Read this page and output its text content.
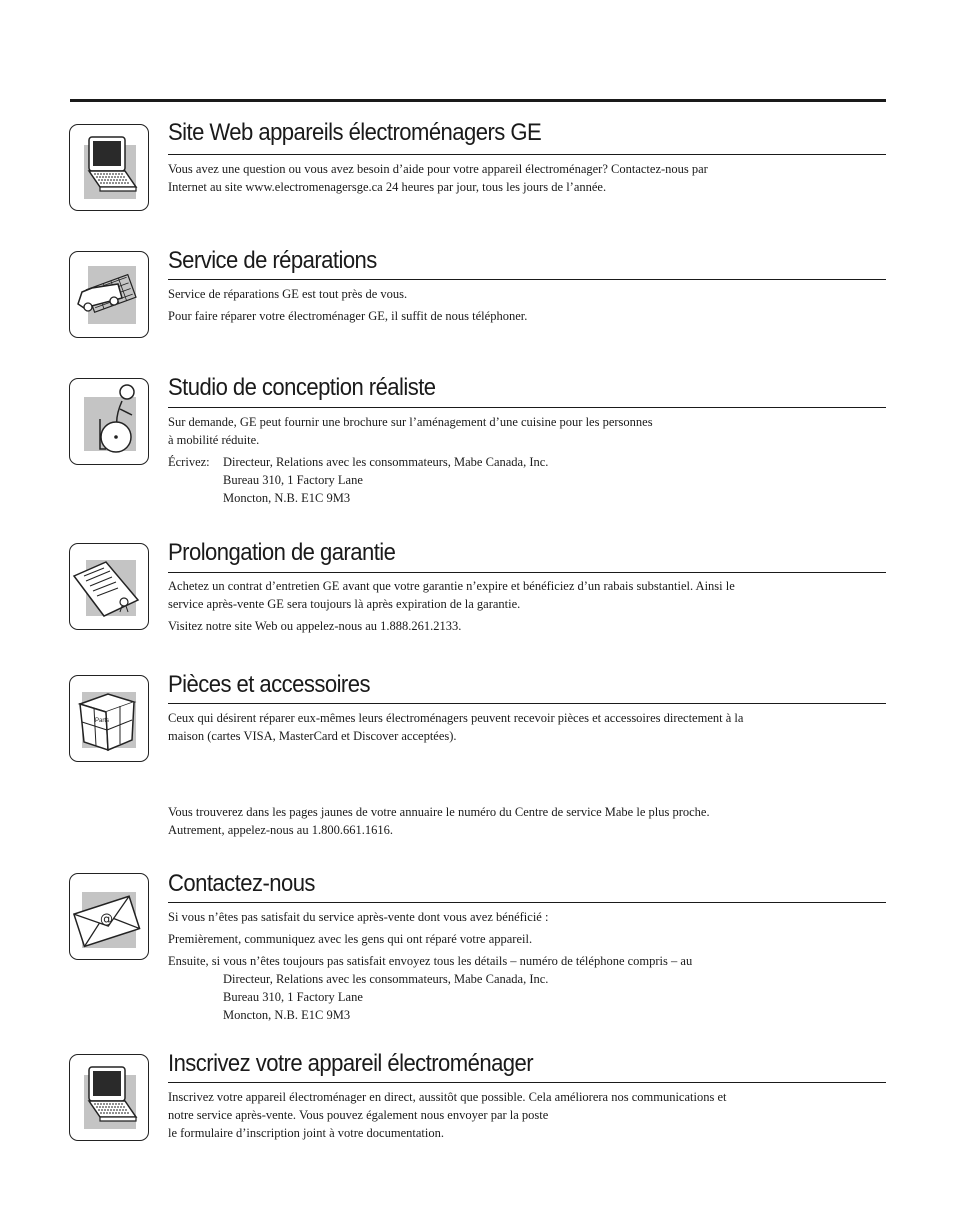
Site Web appareils électroménagers GE
Vous avez une question ou vous avez besoin d’aide pour votre appareil électroménager? Contactez-nous par
Internet au site www.electromenagersge.ca 24 heures par jour, tous les jours de l’année.
Service de réparations

Service de réparations GE est tout près de vous.

Pour faire réparer votre électroménager GE, il suffit de nous téléphoner.

Studio de conception réaliste
Sur demande, GE peut fournir une brochure sur l’aménagement d’une cuisine pour les personnes
à mobilité réduite.
Écrivez:	Directeur, Relations avec les consommateurs, Mabe Canada, Inc.
Bureau 310, 1 Factory Lane
Moncton, N.B. E1C 9M3
Prolongation de garantie
Achetez un contrat d’entretien GE avant que votre garantie n’expire et bénéficiez d’un rabais substantiel. Ainsi le
service après-vente GE sera toujours là après expiration de la garantie.
Visitez notre site Web ou appelez-nous au 1.888.261.2133.
Parts
Pièces et accessoires
Ceux qui désirent réparer eux-mêmes leurs électroménagers peuvent recevoir pièces et accessoires directement à la
maison (cartes VISA, MasterCard et Discover acceptées).
Vous trouverez dans les pages jaunes de votre annuaire le numéro du Centre de service Mabe le plus proche.
Autrement, appelez-nous au 1.800.661.1616.
@
Contactez-nous

Si vous n’êtes pas satisfait du service après-vente dont vous avez bénéficié :

Premièrement, communiquez avec les gens qui ont réparé votre appareil.

Ensuite, si vous n’êtes toujours pas satisfait envoyez tous les détails – numéro de téléphone compris – au
Directeur, Relations avec les consommateurs, Mabe Canada, Inc.
Bureau 310, 1 Factory Lane
Moncton, N.B. E1C 9M3
Inscrivez votre appareil électroménager
Inscrivez votre appareil électroménager en direct, aussitôt que possible. Cela améliorera nos communications et
notre service après-vente. Vous pouvez également nous envoyer par la poste
le formulaire d’inscription joint à votre documentation.
